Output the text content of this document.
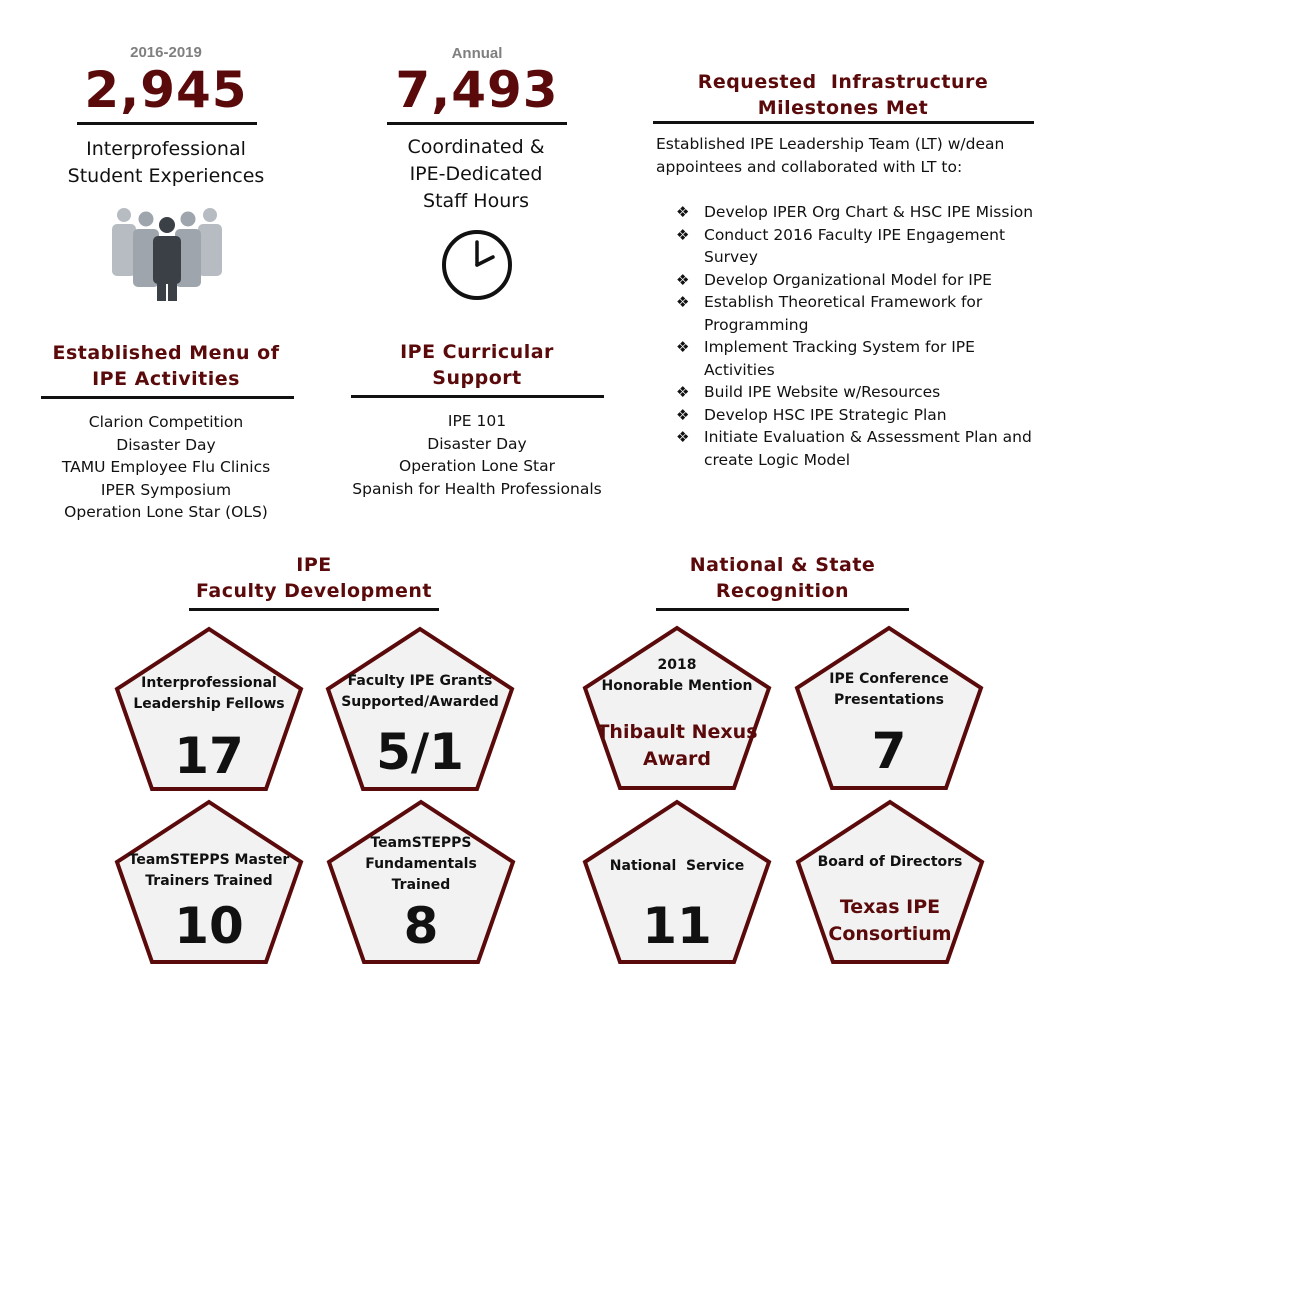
2016-2019
2,945
Interprofessional
Student Experiences
Annual
7,493
Coordinated &
IPE-Dedicated
Staff Hours
Requested  Infrastructure
Milestones Met
Established IPE Leadership Team (LT) w/dean
appointees and collaborated with LT to:
❖ Develop IPER Org Chart & HSC IPE Mission
❖ Conduct 2016 Faculty IPE Engagement
Survey
❖ Develop Organizational Model for IPE
❖ Establish Theoretical Framework for
Programming
❖ Implement Tracking System for IPE
Activities
❖ Build IPE Website w/Resources
❖ Develop HSC IPE Strategic Plan
❖ Initiate Evaluation & Assessment Plan and
create Logic Model
Established Menu of
IPE Activities
Clarion Competition
Disaster Day
TAMU Employee Flu Clinics
IPER Symposium
Operation Lone Star (OLS)
IPE Curricular
Support
IPE 101
Disaster Day
Operation Lone Star
Spanish for Health Professionals
IPE
Faculty Development
National & State
Recognition
Interprofessional
Leadership Fellows
17
Faculty IPE Grants
Supported/Awarded
5/1
TeamSTEPPS Master
Trainers Trained
10
TeamSTEPPS
Fundamentals
Trained
8
2018
Honorable Mention
Thibault Nexus
Award
IPE Conference
Presentations
7
National  Service
11
Board of Directors
Texas IPE
Consortium
